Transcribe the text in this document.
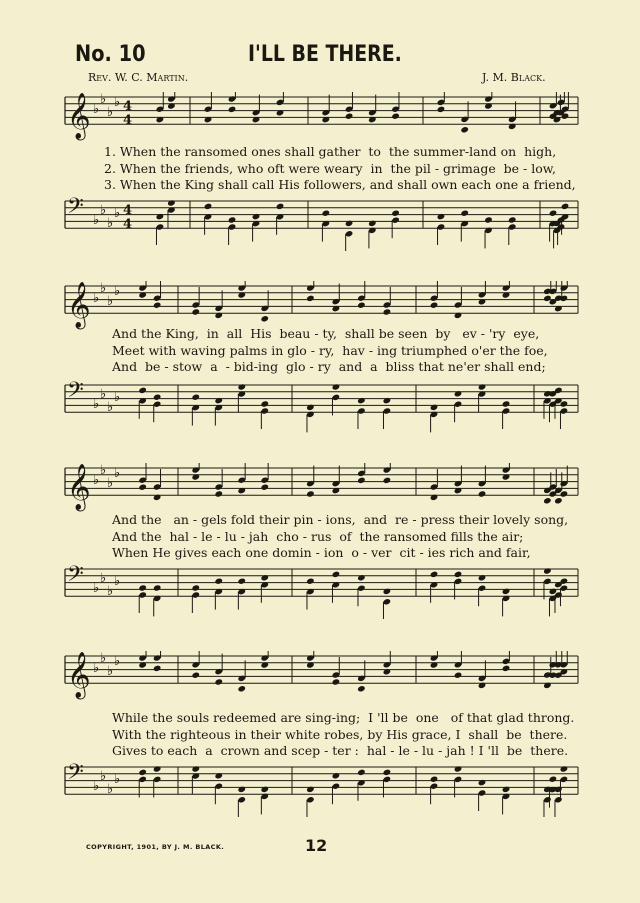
No. 10	I'LL BE THERE.
Rev. W. C. Martin.	J. M. Black.
𝄞 ♭
♭
♭
♭ 4
4
1. When the ransomed ones shall gather  to  the summer-land on  high,
2. When the friends, who oft were weary  in  the pil - grimage  be - low,
3. When the King shall call His followers, and shall own each one a friend,
𝄢 ♭
♭
♭
♭ 4
4
𝄞 ♭
♭
♭
♭
And the King,  in  all  His  beau - ty,  shall be seen  by   ev - 'ry  eye,
Meet with waving palms in glo - ry,  hav - ing triumphed o'er the foe,
And  be - stow  a  - bid-ing  glo - ry  and  a  bliss that ne'er shall end;
𝄢 ♭
♭
♭
♭
𝄞 ♭
♭
♭
♭
And the   an - gels fold their pin - ions,  and  re - press their lovely song,
And the  hal - le - lu - jah  cho - rus  of  the ransomed fills the air;
When He gives each one domin - ion  o - ver  cit - ies rich and fair,
𝄢 ♭
♭
♭
♭
𝄞 ♭
♭
♭
♭
While the souls redeemed are sing-ing;  I 'll be  one   of that glad throng.
With the righteous in their white robes, by His grace, I  shall  be  there.
Gives to each  a  crown and scep - ter :  hal - le - lu - jah ! I 'll  be  there.
𝄢 ♭
♭
♭
♭
COPYRIGHT, 1901, BY J. M. BLACK.	12
